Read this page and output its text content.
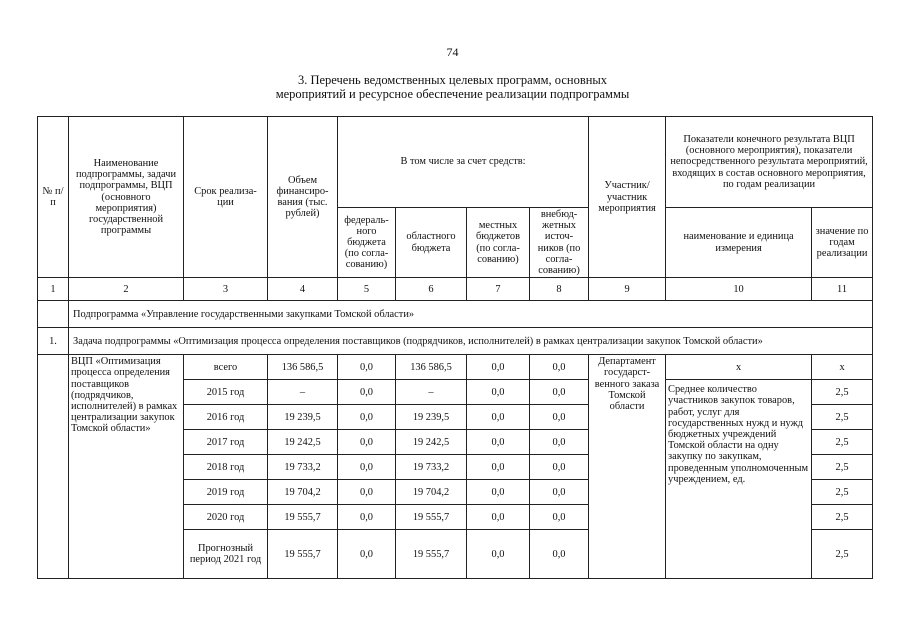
74
3. Перечень ведомственных целевых программ, основных
мероприятий и ресурсное обеспечение реализации подпрограммы
№ п/п	Наименование подпрограммы, задачи подпрограммы, ВЦП (основного мероприятия) государственной программы	Срок реализа- ции	Объем финансиро- вания (тыс. рублей)	В том числе за счет средств:				Участник/ участник мероприятия	Показатели конечного результата ВЦП (основного мероприятия), показатели непосредственного результата мероприятий, входящих в состав основного мероприятия, по годам реализации	
				федераль- ного бюджета (по согла- сованию)	областного бюджета	местных бюджетов (по согла- сованию)	внебюд- жетных источ- ников (по согла- сованию)		наименование и единица измерения	значение по годам реализации
1	2	3	4	5	6	7	8	9	10	11
	Подпрограмма «Управление государственными закупками Томской области»									
1.	Задача подпрограммы «Оптимизация процесса определения поставщиков (подрядчиков, исполнителей) в рамках централизации закупок Томской области»									
	ВЦП «Оптимизация процесса определения поставщиков (подрядчиков, исполнителей) в рамках централизации закупок Томской области»	всего	136 586,5	0,0	136 586,5	0,0	0,0	Департамент государст- венного заказа Томской области	x	x
		2015 год	–	0,0	–	0,0	0,0		Среднее количество участников закупок товаров, работ, услуг для государственных нужд и нужд бюджетных учреждений Томской области на одну закупку по закупкам, проведенным уполномоченным учреждением, ед.	2,5
		2016 год	19 239,5	0,0	19 239,5	0,0	0,0			2,5
		2017 год	19 242,5	0,0	19 242,5	0,0	0,0			2,5
		2018 год	19 733,2	0,0	19 733,2	0,0	0,0			2,5
		2019 год	19 704,2	0,0	19 704,2	0,0	0,0			2,5
		2020 год	19 555,7	0,0	19 555,7	0,0	0,0			2,5
		Прогнозный период 2021 год	19 555,7	0,0	19 555,7	0,0	0,0			2,5
